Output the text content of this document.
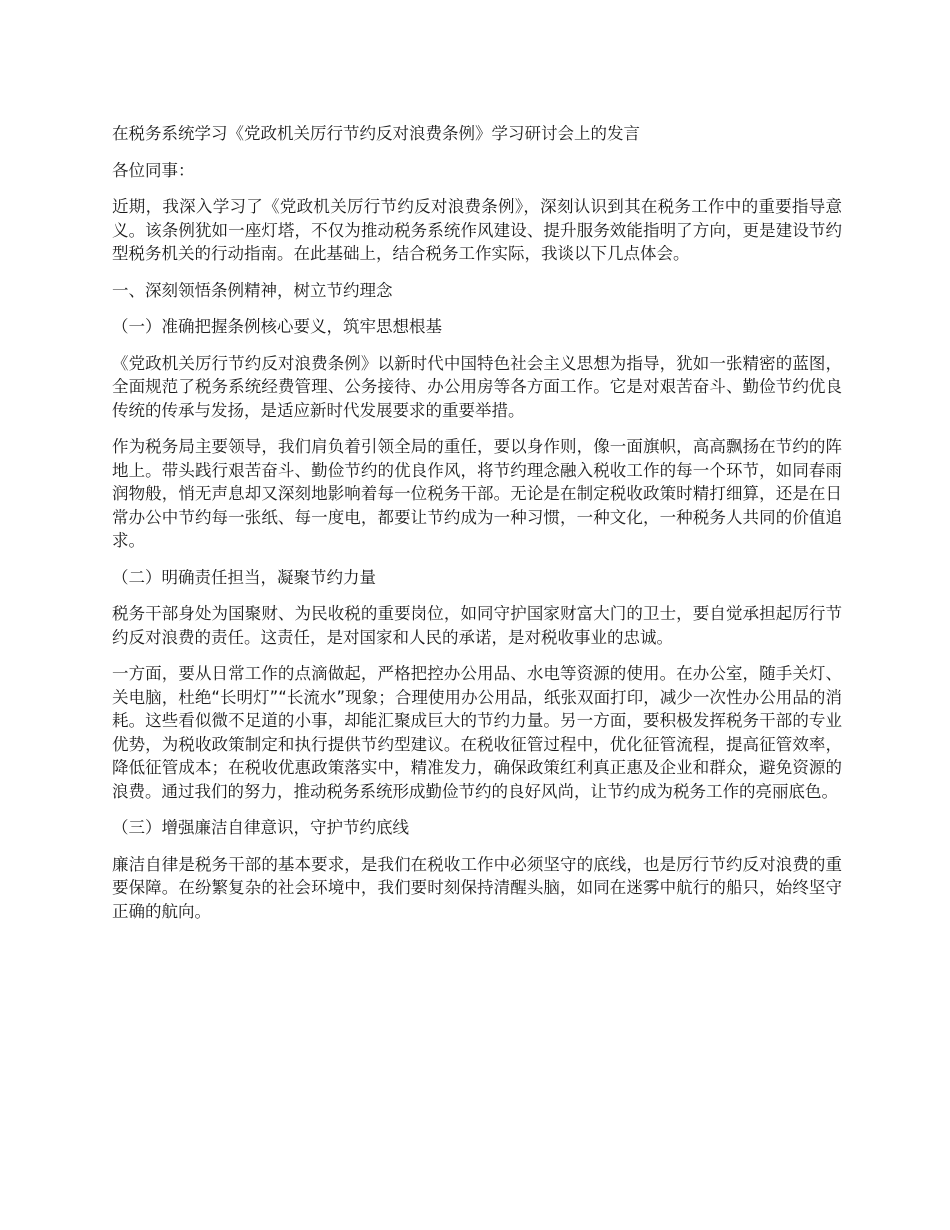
在税务系统学习《党政机关厉行节约反对浪费条例》学习研讨会上的发言

各位同事：

近期，我深入学习了《党政机关厉行节约反对浪费条例》，深刻认识到其在税务工作中的重要指导意义。该条例犹如一座灯塔，不仅为推动税务系统作风建设、提升服务效能指明了方向，更是建设节约型税务机关的行动指南。在此基础上，结合税务工作实际，我谈以下几点体会。

一、深刻领悟条例精神，树立节约理念

（一）准确把握条例核心要义，筑牢思想根基

《党政机关厉行节约反对浪费条例》以新时代中国特色社会主义思想为指导，犹如一张精密的蓝图，全面规范了税务系统经费管理、公务接待、办公用房等各方面工作。它是对艰苦奋斗、勤俭节约优良传统的传承与发扬，是适应新时代发展要求的重要举措。

作为税务局主要领导，我们肩负着引领全局的重任，要以身作则，像一面旗帜，高高飘扬在节约的阵地上。带头践行艰苦奋斗、勤俭节约的优良作风，将节约理念融入税收工作的每一个环节，如同春雨润物般，悄无声息却又深刻地影响着每一位税务干部。无论是在制定税收政策时精打细算，还是在日常办公中节约每一张纸、每一度电，都要让节约成为一种习惯，一种文化，一种税务人共同的价值追求。

（二）明确责任担当，凝聚节约力量

税务干部身处为国聚财、为民收税的重要岗位，如同守护国家财富大门的卫士，要自觉承担起厉行节约反对浪费的责任。这责任，是对国家和人民的承诺，是对税收事业的忠诚。

一方面，要从日常工作的点滴做起，严格把控办公用品、水电等资源的使用。在办公室，随手关灯、关电脑，杜绝“长明灯”“长流水”现象；合理使用办公用品，纸张双面打印，减少一次性办公用品的消耗。这些看似微不足道的小事，却能汇聚成巨大的节约力量。另一方面，要积极发挥税务干部的专业优势，为税收政策制定和执行提供节约型建议。在税收征管过程中，优化征管流程，提高征管效率，降低征管成本；在税收优惠政策落实中，精准发力，确保政策红利真正惠及企业和群众，避免资源的浪费。通过我们的努力，推动税务系统形成勤俭节约的良好风尚，让节约成为税务工作的亮丽底色。

（三）增强廉洁自律意识，守护节约底线

廉洁自律是税务干部的基本要求，是我们在税收工作中必须坚守的底线，也是厉行节约反对浪费的重要保障。在纷繁复杂的社会环境中，我们要时刻保持清醒头脑，如同在迷雾中航行的船只，始终坚守正确的航向。
